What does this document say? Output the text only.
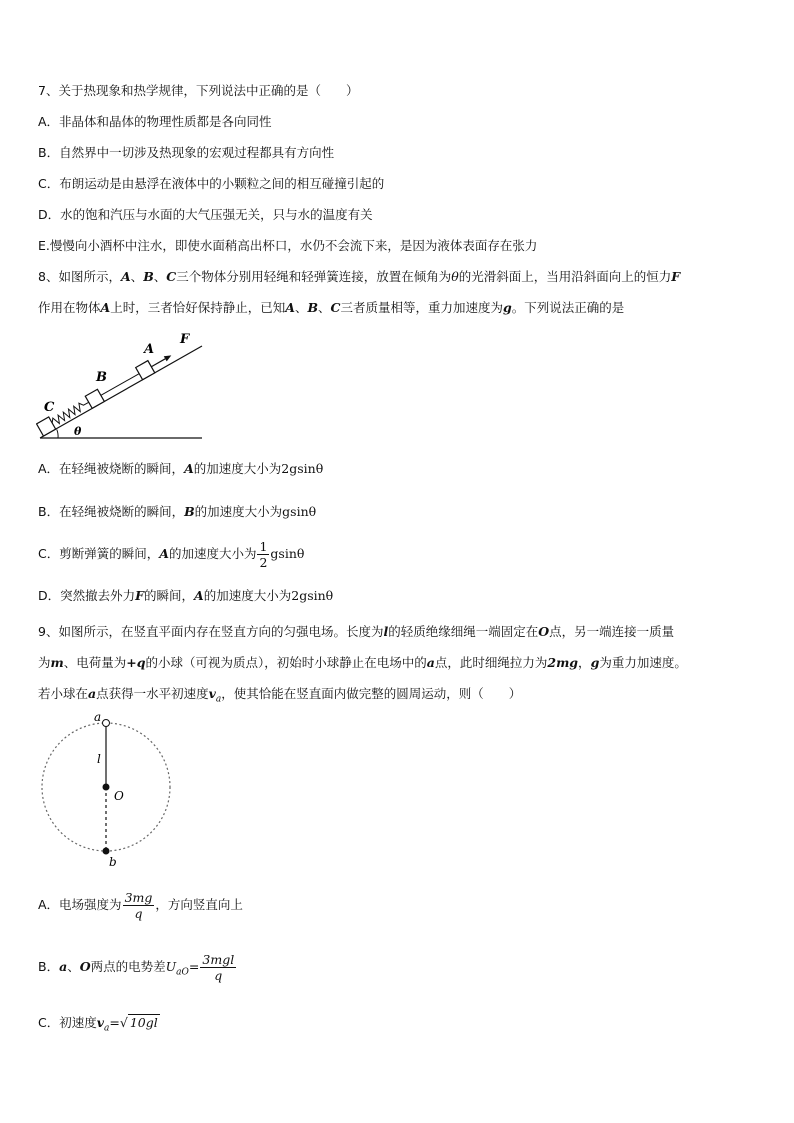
7、关于热现象和热学规律，下列说法中正确的是（　　）
A．非晶体和晶体的物理性质都是各向同性
B．自然界中一切涉及热现象的宏观过程都具有方向性
C．布朗运动是由悬浮在液体中的小颗粒之间的相互碰撞引起的
D．水的饱和汽压与水面的大气压强无关，只与水的温度有关
E.慢慢向小酒杯中注水，即使水面稍高出杯口，水仍不会流下来，是因为液体表面存在张力
8、如图所示，A、B、C三个物体分别用轻绳和轻弹簧连接，放置在倾角为θ的光滑斜面上，当用沿斜面向上的恒力F
作用在物体A上时，三者恰好保持静止，已知A、B、C三者质量相等，重力加速度为g。下列说法正确的是
θ
C
B
A
F
A．在轻绳被烧断的瞬间，A的加速度大小为2gsinθ
B．在轻绳被烧断的瞬间，B的加速度大小为gsinθ
C．剪断弹簧的瞬间，A的加速度大小为 $\frac{1}{2}$ gsinθ
D．突然撤去外力F的瞬间，A的加速度大小为2gsinθ
9、如图所示，在竖直平面内存在竖直方向的匀强电场。长度为l的轻质绝缘细绳一端固定在O点，另一端连接一质量
为m、电荷量为+q的小球（可视为质点），初始时小球静止在电场中的a点，此时细绳拉力为2mg，g为重力加速度。
若小球在a点获得一水平初速度$v_a$，使其恰能在竖直面内做完整的圆周运动，则（　　）
a
l
O
b
A．电场强度为 $\frac{3mg}{q}$ ，方向竖直向上
B．a、O两点的电势差$U_{aO}= \frac{\text{3mgl}}{q}$
C．初速度$v_a=√$ 10gl
